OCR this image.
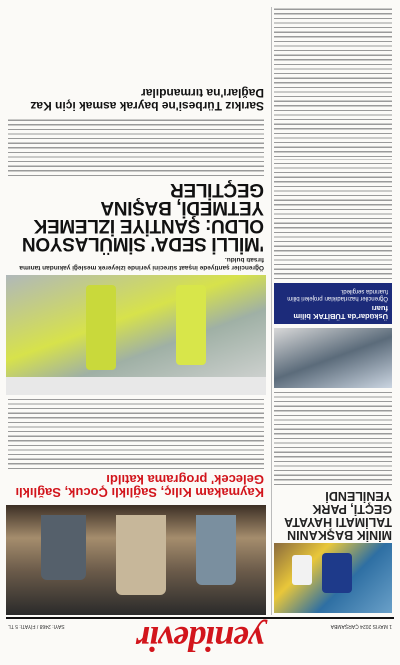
1 MAYIS 2024 ÇARŞAMBA
yenidevir
SAYI: 2468 / FİYATI: 5 TL
MİNİK BAŞKANIN TALİMATI HAYATA GEÇTİ, PARK YENİLENDİ
Üsküdar'da TÜBİTAK bilim fuarı
Öğrenciler hazırladıkları projeleri bilim fuarında sergiledi.
Kaymakam Kılıç, Sağlıklı Çocuk, Sağlıklı Gelecek' programa katıldı
Öğrenciler şantiyede inşaat sürecini yerinde izleyerek mesleği yakından tanıma fırsatı buldu.
'MİLLİ SEDA' SİMÜLASYON OLDU: ŞANTİYE İZLEMEK YETMEDİ, BAŞINA GEÇTİLER
Sarıkız Türbesi'ne bayrak asmak için Kaz Dağları'na tırmandılar
